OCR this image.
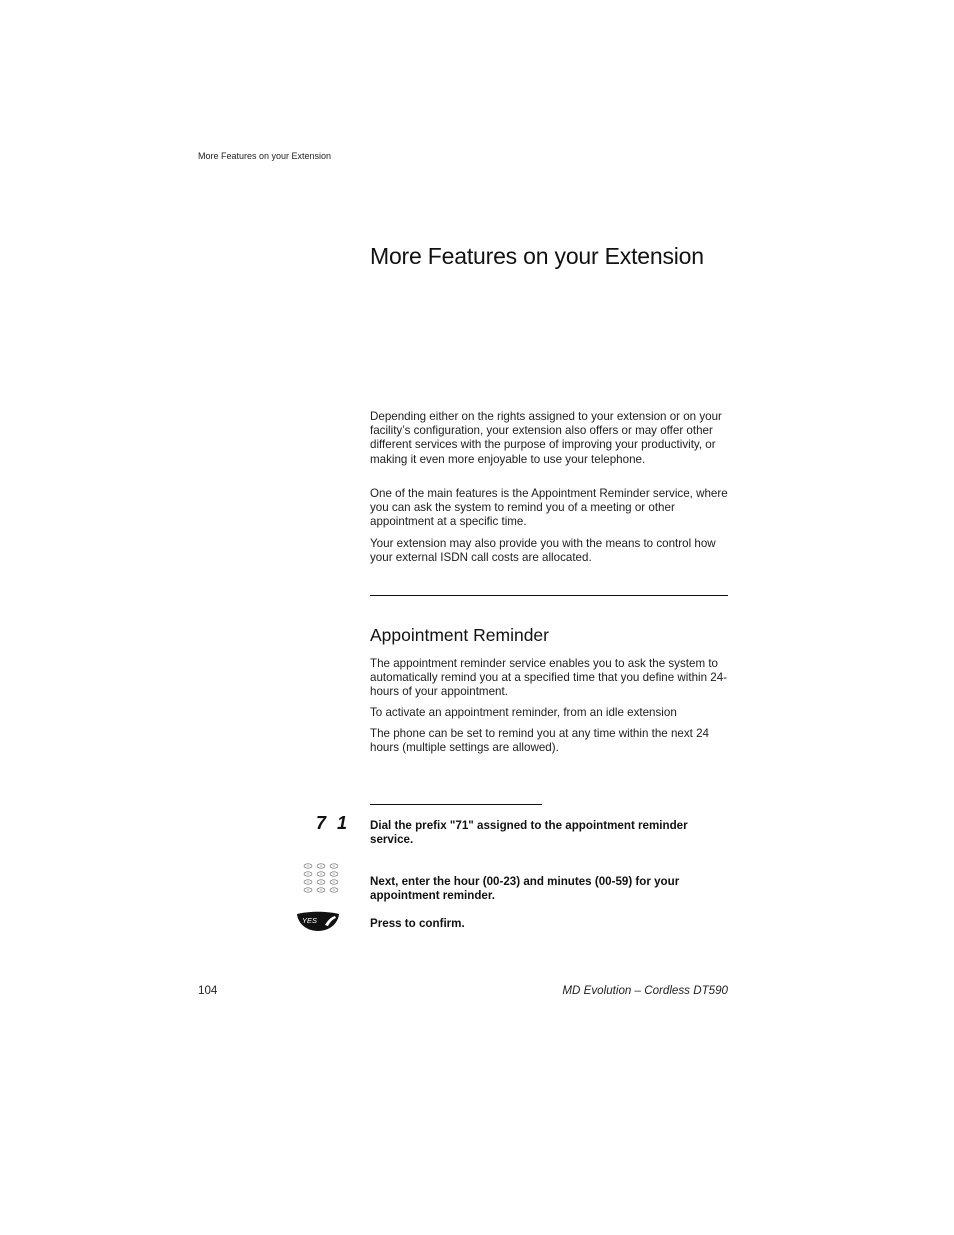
More Features on your Extension
More Features on your Extension

Depending either on the rights assigned to your extension or on your facility’s configuration, your extension also offers or may offer other different services with the purpose of improving your productivity, or making it even more enjoyable to use your telephone.

One of the main features is the Appointment Reminder service, where you can ask the system to remind you of a meeting or other appointment at a specific time.

Your extension may also provide you with the means to control how your external ISDN call costs are allocated.

Appointment Reminder

The appointment reminder service enables you to ask the system to automatically remind you at a specified time that you define within 24-hours of your appointment.

To activate an appointment reminder, from an idle extension

The phone can be set to remind you at any time within the next 24 hours (multiple settings are allowed).

7 1 Dial the prefix "71" assigned to the appointment reminder service.

Next, enter the hour (00-23) and minutes (00-59) for your appointment reminder.

YES	Press to confirm.

104	MD Evolution – Cordless DT590
